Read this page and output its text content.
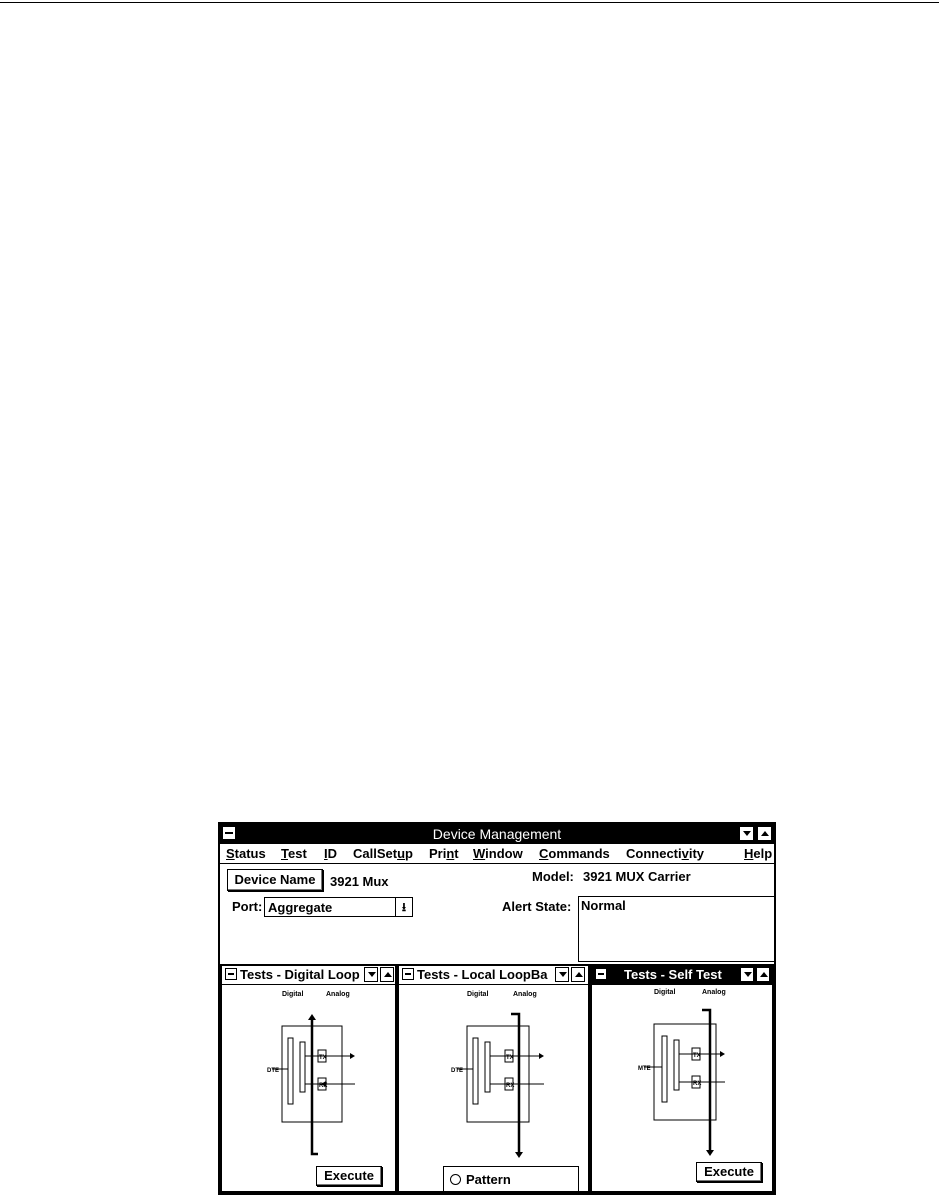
Device Management
Status Test ID CallSetup Print Window Commands Connectivity	Help
Device Name	3921 Mux	Model: 3921 MUX Carrier
Port: Aggregate	⭳	Alert State: Normal
Tests - Digital Loop
Digital	Analog
DTE
TX
RX
Execute
Tests - Local LoopBa
Digital	Analog
DTE
TX
RX
Pattern
Tests - Self Test
Digital	Analog
MTE
TX
RX
Execute
